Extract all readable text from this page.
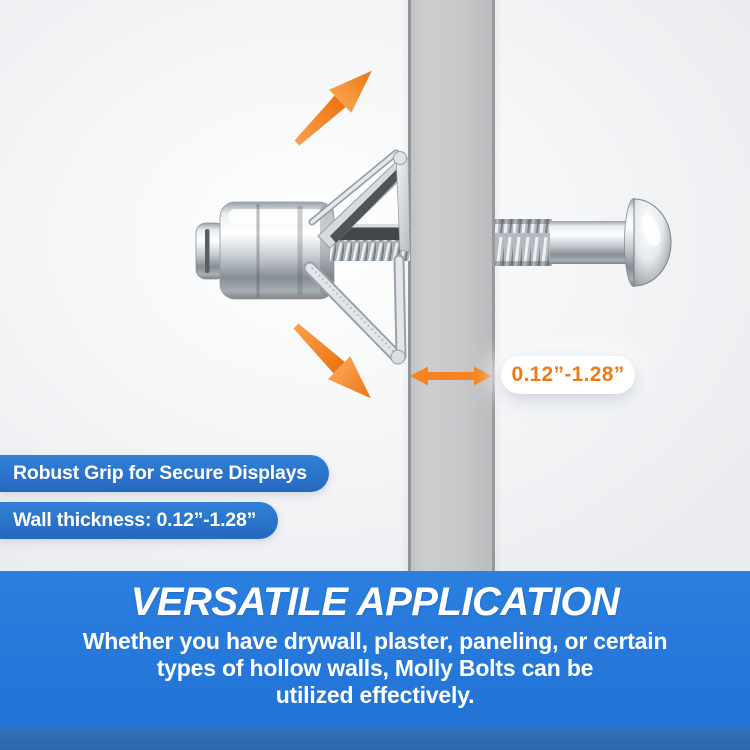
0.12”-1.28”
Robust Grip for Secure Displays
Wall thickness: 0.12”-1.28”
VERSATILE APPLICATION
Whether you have drywall, plaster, paneling, or certain
types of hollow walls, Molly Bolts can be
utilized effectively.
